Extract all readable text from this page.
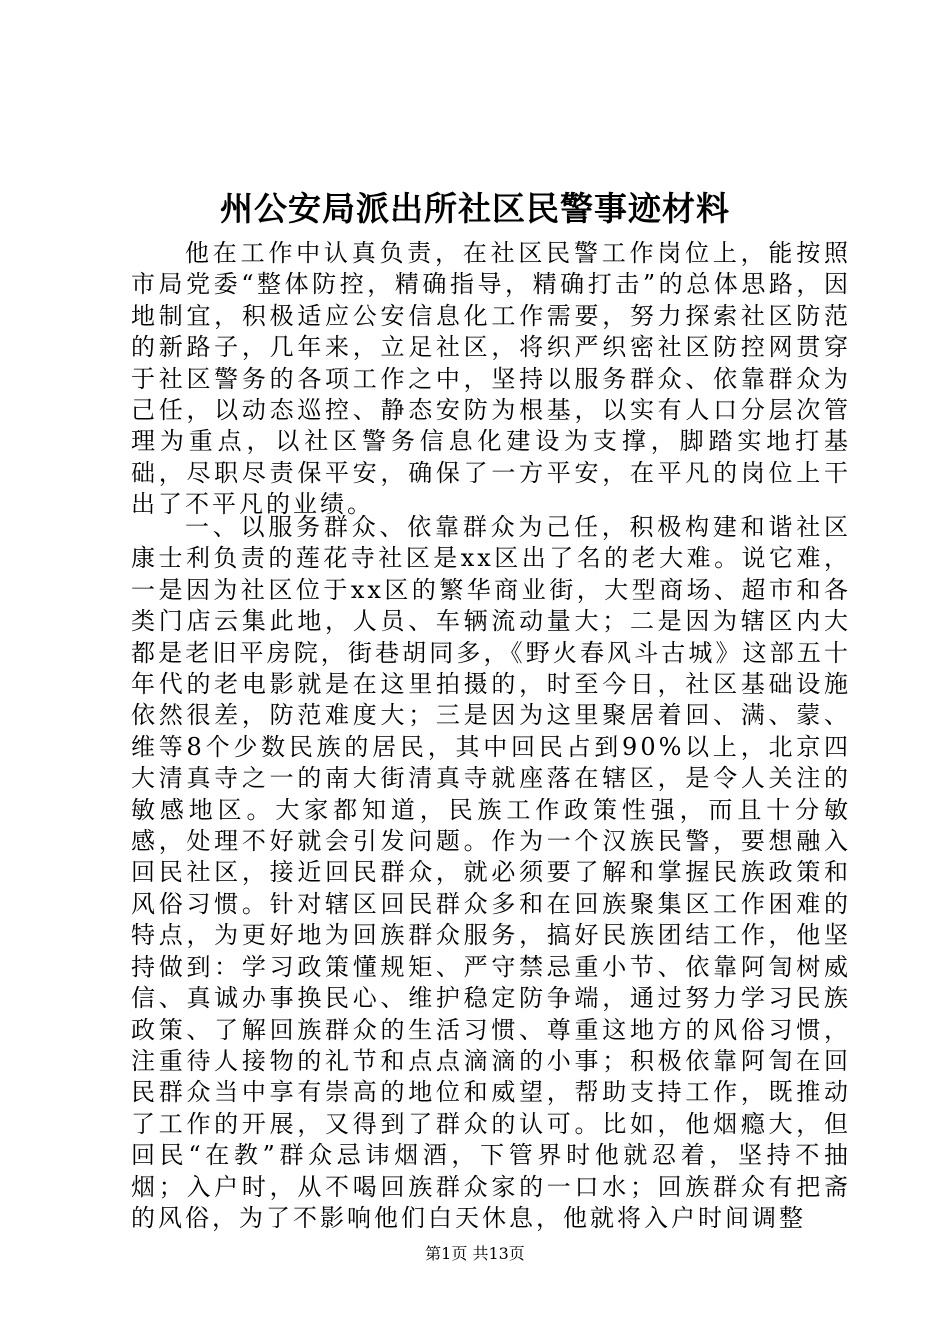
州公安局派出所社区民警事迹材料

他在工作中认真负责，在社区民警工作岗位上，能按照市局党委“整体防控，精确指导，精确打击”的总体思路，因地制宜，积极适应公安信息化工作需要，努力探索社区防范的新路子，几年来，立足社区，将织严织密社区防控网贯穿于社区警务的各项工作之中，坚持以服务群众、依靠群众为己任，以动态巡控、静态安防为根基，以实有人口分层次管理为重点，以社区警务信息化建设为支撑，脚踏实地打基础，尽职尽责保平安，确保了一方平安，在平凡的岗位上干出了不平凡的业绩。

一、以服务群众、依靠群众为己任，积极构建和谐社区康士利负责的莲花寺社区是xx区出了名的老大难。说它难，一是因为社区位于xx区的繁华商业街，大型商场、超市和各类门店云集此地，人员、车辆流动量大；二是因为辖区内大都是老旧平房院，街巷胡同多，《野火春风斗古城》这部五十年代的老电影就是在这里拍摄的，时至今日，社区基础设施依然很差，防范难度大；三是因为这里聚居着回、满、蒙、维等8个少数民族的居民，其中回民占到90%以上，北京四大清真寺之一的南大街清真寺就座落在辖区，是令人关注的敏感地区。大家都知道，民族工作政策性强，而且十分敏感，处理不好就会引发问题。作为一个汉族民警，要想融入回民社区，接近回民群众，就必须要了解和掌握民族政策和风俗习惯。针对辖区回民群众多和在回族聚集区工作困难的特点，为更好地为回族群众服务，搞好民族团结工作，他坚持做到：学习政策懂规矩、严守禁忌重小节、依靠阿訇树威信、真诚办事换民心、维护稳定防争端，通过努力学习民族政策、了解回族群众的生活习惯、尊重这地方的风俗习惯，注重待人接物的礼节和点点滴滴的小事；积极依靠阿訇在回民群众当中享有崇高的地位和威望，帮助支持工作，既推动了工作的开展，又得到了群众的认可。比如，他烟瘾大，但回民“在教”群众忌讳烟酒，下管界时他就忍着，坚持不抽烟；入户时，从不喝回族群众家的一口水；回族群众有把斋的风俗，为了不影响他们白天休息，他就将入户时间调整

第1页 共13页
